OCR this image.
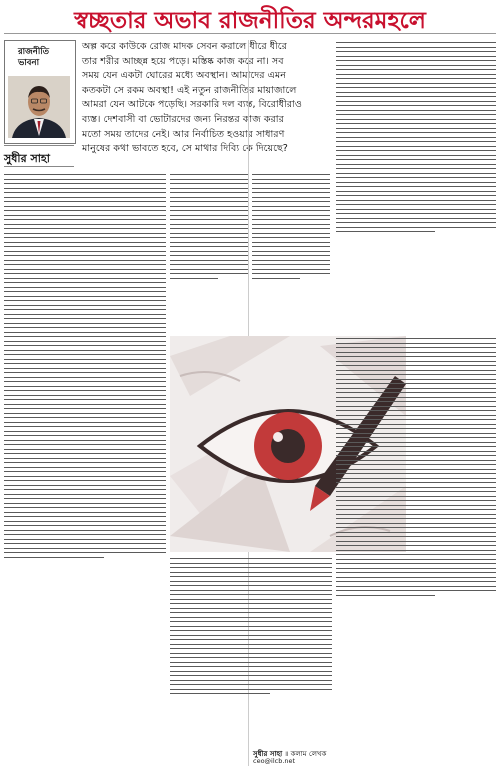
স্বচ্ছতার অভাব রাজনীতির অন্দরমহলে
রাজনীতি
ভাবনা
অল্প করে কাউকে রোজ মাদক সেবন করালে ধীরে ধীরে তার শরীর আচ্ছন্ন হয়ে পড়ে। মস্তিষ্ক কাজ করে না। সব সময় যেন একটা ঘোরের মধ্যে অবস্থান। আমাদের এমন কতকটা সে রকম অবস্থা! এই নতুন রাজনীতির মায়াজালে আমরা যেন আটকে পড়েছি। সরকারি দল ব্যস্ত, বিরোধীরাও ব্যস্ত। দেশবাসী বা ভোটারদের জন্য নিরন্তর কাজ করার মতো সময় তাদের নেই। আর নির্বাচিত হওয়ার সাধারণ মানুষের কথা ভাবতে হবে, সে মাথার দিব্যি কে দিয়েছে?
সুধীর সাহা

সুধীর সাহা ॥ কলাম লেখক
ceo@ilcb.net
